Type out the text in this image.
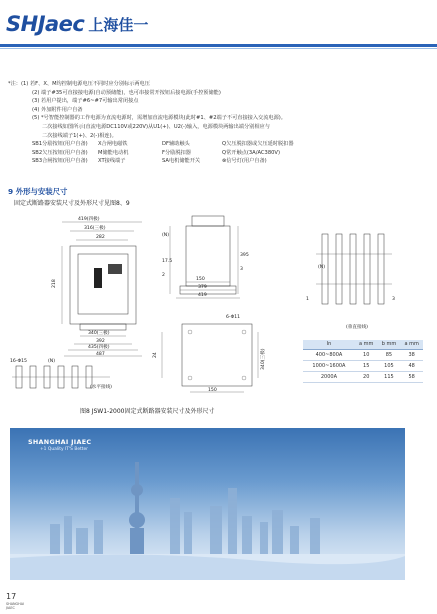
SHJaec 上海佳一
*注：(1) 若F、X、M均控制电源电压不同时应分别标示两电压
(2) 端子#35可直接接电源(自动预储能)，也可串接常开按钮后接电源(手控预储能)
(3) 若用户提出，端子#6~#7可输出常闭接点
(4) 外加附件用户自备
(5) *号智能控制器的工作电源为直流电源时，需增加直流电源模块(此时#1、#2端子不可直接接入交流电源)。
二次接线如图所示(直流电源DC110V或220V)从U1(+)、U2(-)输入，电源模块两输出端分别相应与
二次接线端子1(+)、2(-)相连)。
SB1分励按钮(用户自备)	X合闸电磁铁	DF辅助触头	Q欠压脱扣器或欠压延时脱扣器
SB2欠压按钮(用户自备)	M储能电动机	F分励脱扣器	Q常开触点(3A/AC380V)
SB3合闸按钮(用户自备)	XT接线端子	SA电机储能开关	⊗信号灯(用户自备)
9 外形与安装尺寸
固定式断路器安装尺寸及外形尺寸见图8、9
419(四极)
316(三极)
282
218
340(三极)
392
435(四极)
487
16-Φ15	(N)
(水平接线)
(N)
17.5
2
150
379
419
395
3
6-Φ11
150
24	340(三极)
(N)
1	3
(垂直接线)
In	a mm	b mm	a mm
400~800A	10	85	38
1000~1600A	15	105	48
2000A	20	115	58
图8 JSW1-2000固定式断路器安装尺寸及外形尺寸
SHANGHAI JIAEC
+1 Quality IT'S Better
17
SHANGHAI
JIAEC
